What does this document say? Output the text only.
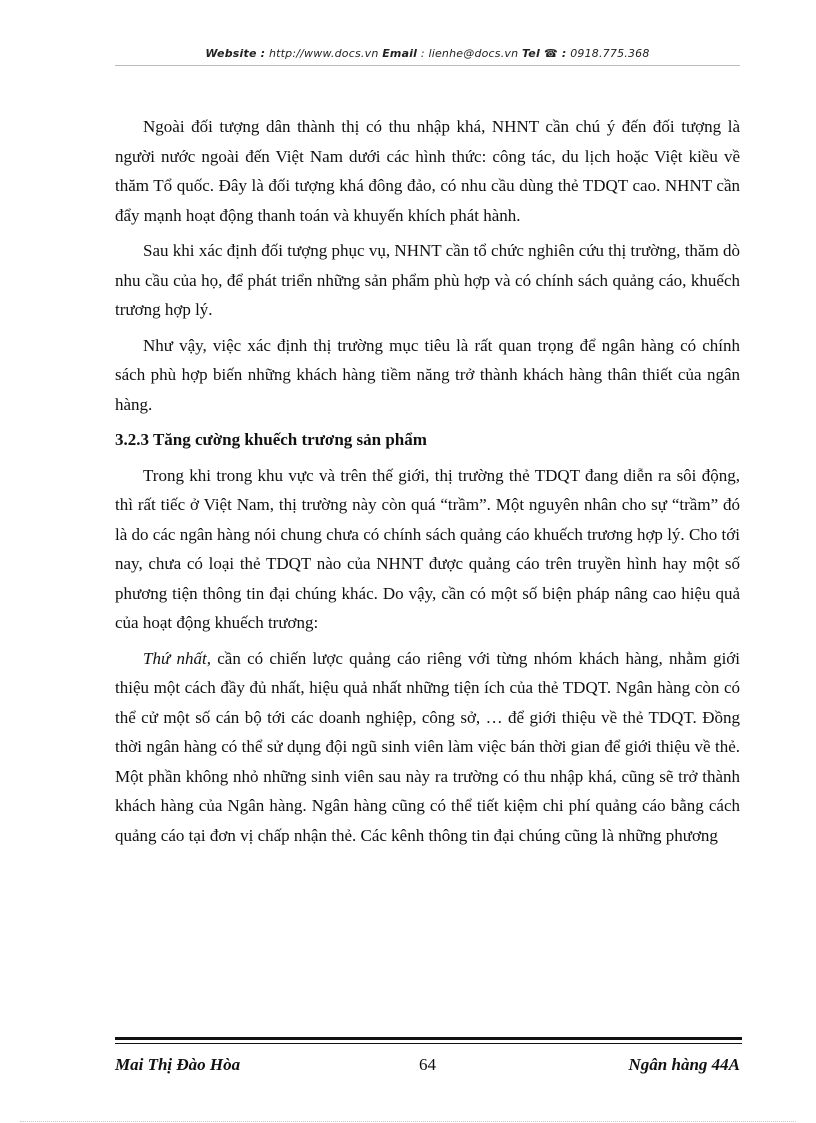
Website : http://www.docs.vn Email : lienhe@docs.vn Tel ☎ : 0918.775.368

Ngoài đối tượng dân thành thị có thu nhập khá, NHNT cần chú ý đến đối tượng là người nước ngoài đến Việt Nam dưới các hình thức: công tác, du lịch hoặc Việt kiều về thăm Tổ quốc. Đây là đối tượng khá đông đảo, có nhu cầu dùng thẻ TDQT cao. NHNT cần đẩy mạnh hoạt động thanh toán và khuyến khích phát hành.

Sau khi xác định đối tượng phục vụ, NHNT cần tổ chức nghiên cứu thị trường, thăm dò nhu cầu của họ, để phát triển những sản phẩm phù hợp và có chính sách quảng cáo, khuếch trương hợp lý.

Như vậy, việc xác định thị trường mục tiêu là rất quan trọng để ngân hàng có chính sách phù hợp biến những khách hàng tiềm năng trở thành khách hàng thân thiết của ngân hàng.

3.2.3 Tăng cường khuếch trương sản phẩm

Trong khi trong khu vực và trên thế giới, thị trường thẻ TDQT đang diễn ra sôi động, thì rất tiếc ở Việt Nam, thị trường này còn quá “trầm”. Một nguyên nhân cho sự “trầm” đó là do các ngân hàng nói chung chưa có chính sách quảng cáo khuếch trương hợp lý. Cho tới nay, chưa có loại thẻ TDQT nào của NHNT được quảng cáo trên truyền hình hay một số phương tiện thông tin đại chúng khác. Do vậy, cần có một số biện pháp nâng cao hiệu quả của hoạt động khuếch trương:

Thứ nhất, cần có chiến lược quảng cáo riêng với từng nhóm khách hàng, nhằm giới thiệu một cách đầy đủ nhất, hiệu quả nhất những tiện ích của thẻ TDQT. Ngân hàng còn có thể cử một số cán bộ tới các doanh nghiệp, công sở, … để giới thiệu về thẻ TDQT. Đồng thời ngân hàng có thể sử dụng đội ngũ sinh viên làm việc bán thời gian để giới thiệu về thẻ. Một phần không nhỏ những sinh viên sau này ra trường có thu nhập khá, cũng sẽ trở thành khách hàng của Ngân hàng. Ngân hàng cũng có thể tiết kiệm chi phí quảng cáo bằng cách quảng cáo tại đơn vị chấp nhận thẻ. Các kênh thông tin đại chúng cũng là những phương

Mai Thị Đào Hòa	64	Ngân hàng 44A
